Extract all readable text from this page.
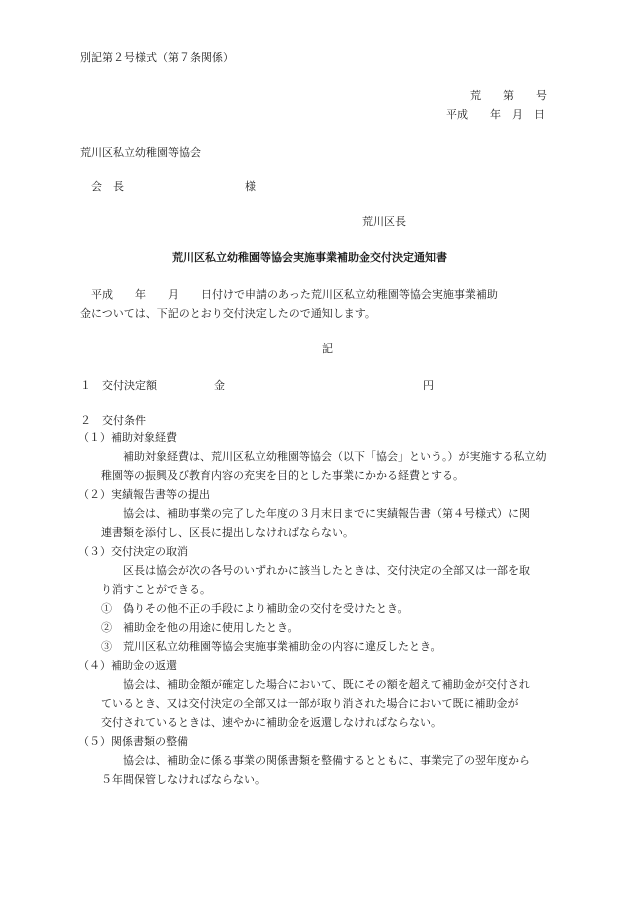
別記第２号様式（第７条関係）
荒　　第　　号
平成　　年　月　日
荒川区私立幼稚園等協会
会　長　　　　　　　　　　　様
荒川区長
荒川区私立幼稚園等協会実施事業補助金交付決定通知書
平成　　年　　月　　日付けで申請のあった荒川区私立幼稚園等協会実施事業補助
金については、下記のとおり交付決定したので通知します。
記
１　交付決定額	金	円
２　交付条件
（１）補助対象経費
補助対象経費は、荒川区私立幼稚園等協会（以下「協会」という。）が実施する私立幼
稚園等の振興及び教育内容の充実を目的とした事業にかかる経費とする。
（２）実績報告書等の提出
協会は、補助事業の完了した年度の３月末日までに実績報告書（第４号様式）に関
連書類を添付し、区長に提出しなければならない。
（３）交付決定の取消
区長は協会が次の各号のいずれかに該当したときは、交付決定の全部又は一部を取
り消すことができる。
①　偽りその他不正の手段により補助金の交付を受けたとき。
②　補助金を他の用途に使用したとき。
③　荒川区私立幼稚園等協会実施事業補助金の内容に違反したとき。
（４）補助金の返還
協会は、補助金額が確定した場合において、既にその額を超えて補助金が交付され
ているとき、又は交付決定の全部又は一部が取り消された場合において既に補助金が
交付されているときは、速やかに補助金を返還しなければならない。
（５）関係書類の整備
協会は、補助金に係る事業の関係書類を整備するとともに、事業完了の翌年度から
５年間保管しなければならない。
